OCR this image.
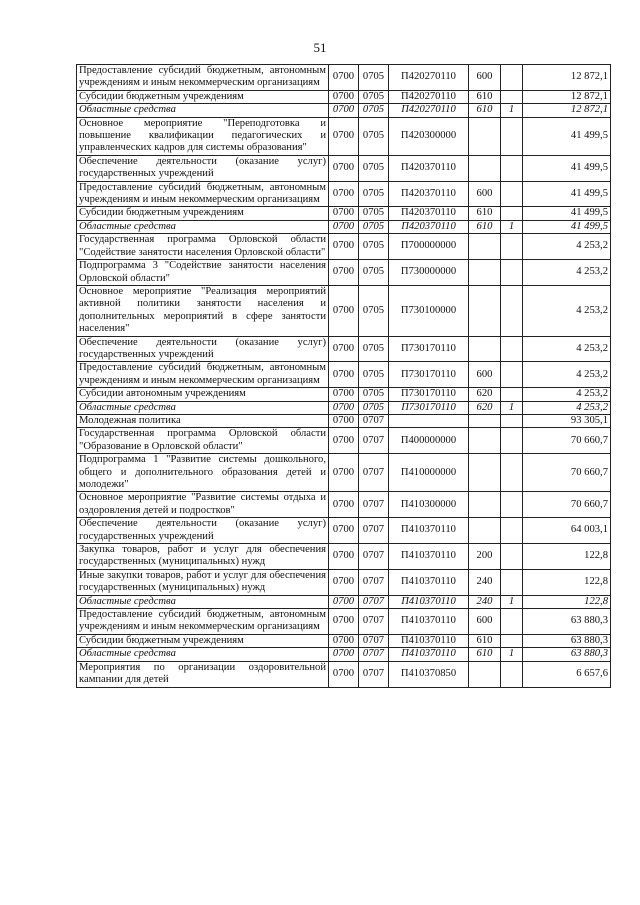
51
Предоставление субсидий бюджетным, автономным учреждениям и иным некоммерческим организациям	0700	0705	П420270110	600		12 872,1
Субсидии бюджетным учреждениям	0700	0705	П420270110	610		12 872,1
Областные средства	0700	0705	П420270110	610	1	12 872,1
Основное мероприятие "Переподготовка и повышение квалификации педагогических и управленческих кадров для системы образования"	0700	0705	П420300000			41 499,5
Обеспечение деятельности (оказание услуг) государственных учреждений	0700	0705	П420370110			41 499,5
Предоставление субсидий бюджетным, автономным учреждениям и иным некоммерческим организациям	0700	0705	П420370110	600		41 499,5
Субсидии бюджетным учреждениям	0700	0705	П420370110	610		41 499,5
Областные средства	0700	0705	П420370110	610	1	41 499,5
Государственная программа Орловской области "Содействие занятости населения Орловской области"	0700	0705	П700000000			4 253,2
Подпрограмма 3 "Содействие занятости населения Орловской области"	0700	0705	П730000000			4 253,2
Основное мероприятие "Реализация мероприятий активной политики занятости населения и дополнительных мероприятий в сфере занятости населения"	0700	0705	П730100000			4 253,2
Обеспечение деятельности (оказание услуг) государственных учреждений	0700	0705	П730170110			4 253,2
Предоставление субсидий бюджетным, автономным учреждениям и иным некоммерческим организациям	0700	0705	П730170110	600		4 253,2
Субсидии автономным учреждениям	0700	0705	П730170110	620		4 253,2
Областные средства	0700	0705	П730170110	620	1	4 253,2
Молодежная политика	0700	0707				93 305,1
Государственная программа Орловской области "Образование в Орловской области"	0700	0707	П400000000			70 660,7
Подпрограмма 1 "Развитие системы дошкольного, общего и дополнительного образования детей и молодежи"	0700	0707	П410000000			70 660,7
Основное мероприятие "Развитие системы отдыха и оздоровления детей и подростков"	0700	0707	П410300000			70 660,7
Обеспечение деятельности (оказание услуг) государственных учреждений	0700	0707	П410370110			64 003,1
Закупка товаров, работ и услуг для обеспечения государственных (муниципальных) нужд	0700	0707	П410370110	200		122,8
Иные закупки товаров, работ и услуг для обеспечения государственных (муниципальных) нужд	0700	0707	П410370110	240		122,8
Областные средства	0700	0707	П410370110	240	1	122,8
Предоставление субсидий бюджетным, автономным учреждениям и иным некоммерческим организациям	0700	0707	П410370110	600		63 880,3
Субсидии бюджетным учреждениям	0700	0707	П410370110	610		63 880,3
Областные средства	0700	0707	П410370110	610	1	63 880,3
Мероприятия по организации оздоровительной кампании для детей	0700	0707	П410370850			6 657,6
